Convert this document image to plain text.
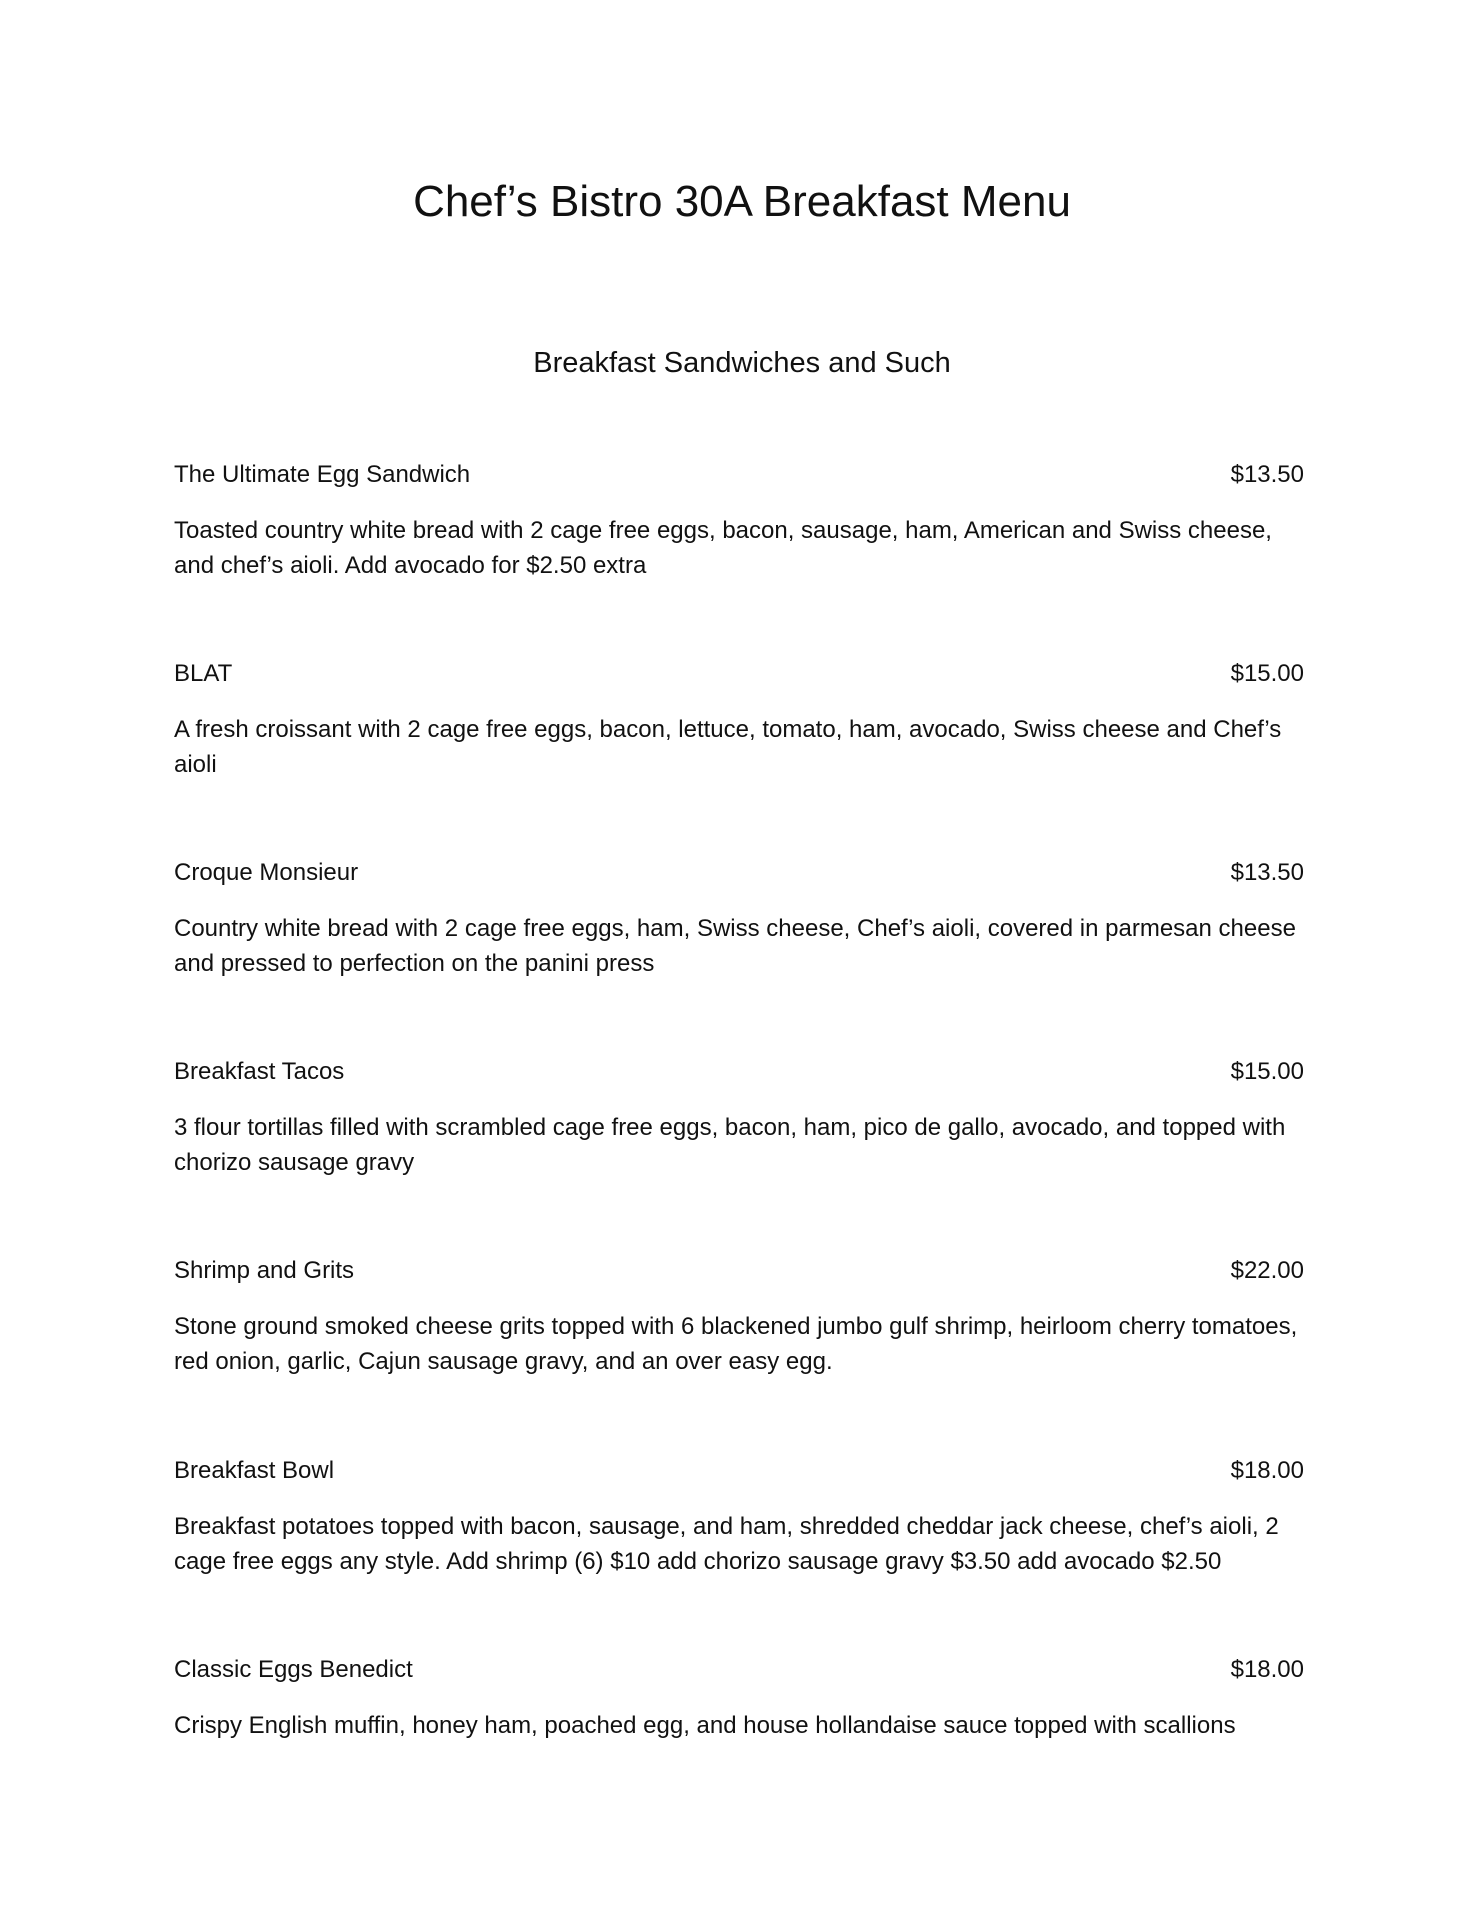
Chef’s Bistro 30A Breakfast Menu
Breakfast Sandwiches and Such
The Ultimate Egg Sandwich	$13.50
Toasted country white bread with 2 cage free eggs, bacon, sausage, ham, American and Swiss cheese, and chef’s aioli. Add avocado for $2.50 extra
BLAT	$15.00
A fresh croissant with 2 cage free eggs, bacon, lettuce, tomato, ham, avocado, Swiss cheese and Chef’s aioli
Croque Monsieur	$13.50
Country white bread with 2 cage free eggs, ham, Swiss cheese, Chef’s aioli, covered in parmesan cheese and pressed to perfection on the panini press
Breakfast Tacos	$15.00
3 flour tortillas filled with scrambled cage free eggs, bacon, ham, pico de gallo, avocado, and topped with chorizo sausage gravy
Shrimp and Grits	$22.00
Stone ground smoked cheese grits topped with 6 blackened jumbo gulf shrimp, heirloom cherry tomatoes, red onion, garlic, Cajun sausage gravy, and an over easy egg.
Breakfast Bowl	$18.00
Breakfast potatoes topped with bacon, sausage, and ham, shredded cheddar jack cheese, chef’s aioli, 2 cage free eggs any style. Add shrimp (6) $10 add chorizo sausage gravy $3.50 add avocado $2.50
Classic Eggs Benedict	$18.00
Crispy English muffin, honey ham, poached egg, and house hollandaise sauce topped with scallions
